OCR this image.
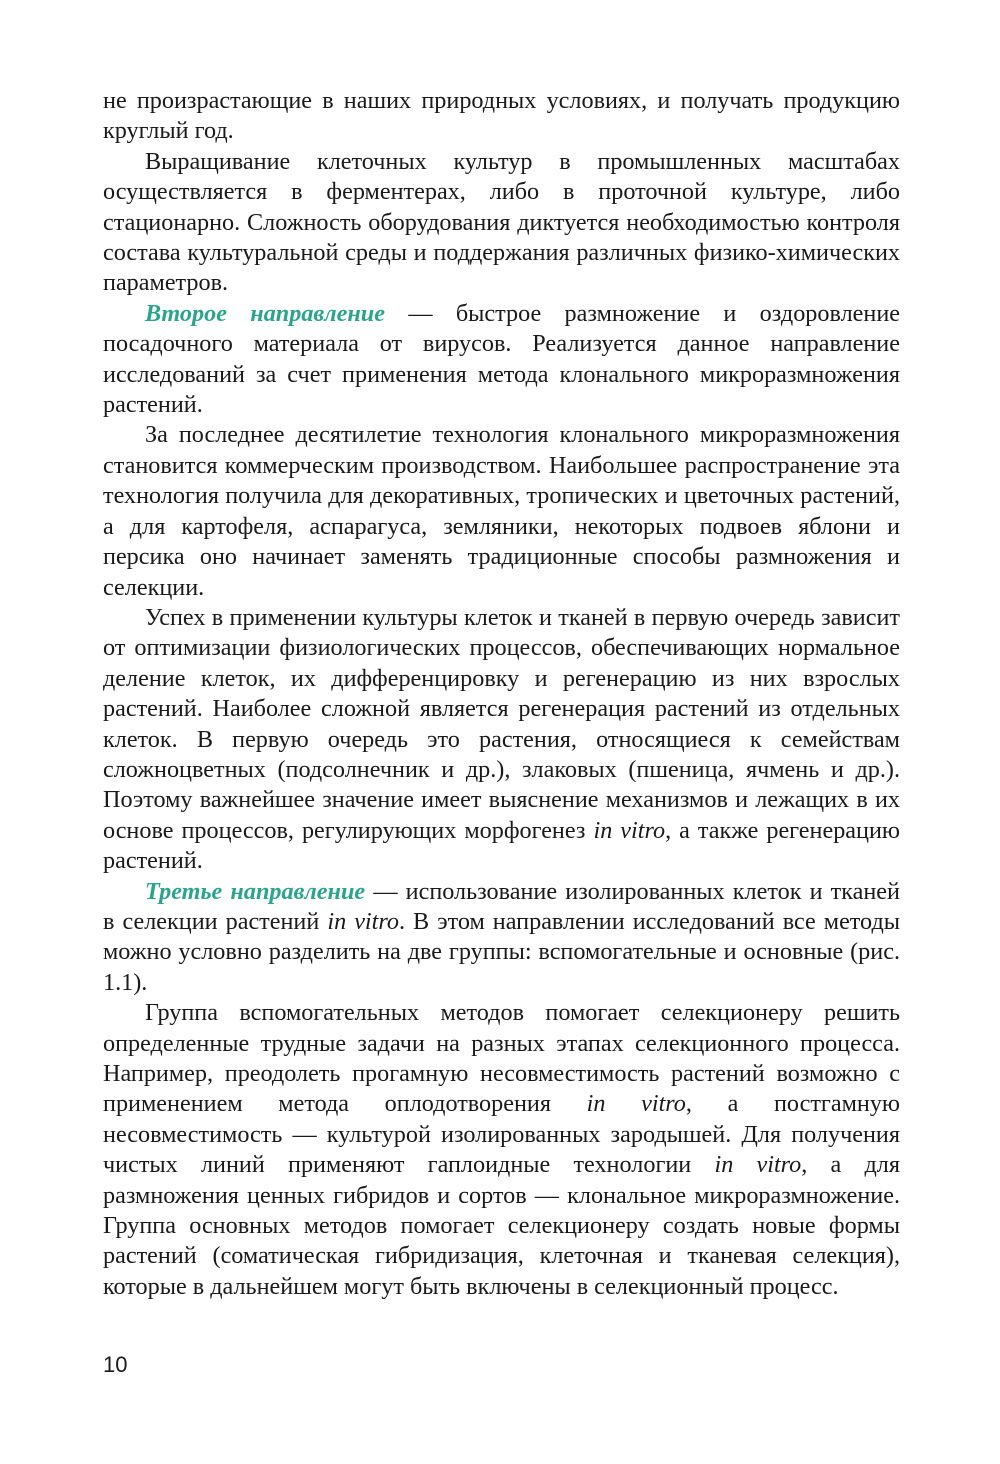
не произрастающие в наших природных условиях, и получать продукцию круглый год.

Выращивание клеточных культур в промышленных масштабах осуществляется в ферментерах, либо в проточной культуре, либо стационарно. Сложность оборудования диктуется необходимостью контроля состава культуральной среды и поддержания различных физико-химических параметров.

Второе направление — быстрое размножение и оздоровление посадочного материала от вирусов. Реализуется данное направление исследований за счет применения метода клонального микроразмножения растений.

За последнее десятилетие технология клонального микроразмножения становится коммерческим производством. Наибольшее распространение эта технология получила для декоративных, тропических и цветочных растений, а для картофеля, аспарагуса, земляники, некоторых подвоев яблони и персика оно начинает заменять традиционные способы размножения и селекции.

Успех в применении культуры клеток и тканей в первую очередь зависит от оптимизации физиологических процессов, обеспечивающих нормальное деление клеток, их дифференцировку и регенерацию из них взрослых растений. Наиболее сложной является регенерация растений из отдельных клеток. В первую очередь это растения, относящиеся к семействам сложноцветных (подсолнечник и др.), злаковых (пшеница, ячмень и др.). Поэтому важнейшее значение имеет выяснение механизмов и лежащих в их основе процессов, регулирующих морфогенез in vitro, а также регенерацию растений.

Третье направление — использование изолированных клеток и тканей в селекции растений in vitro. В этом направлении исследований все методы можно условно разделить на две группы: вспомогательные и основные (рис. 1.1).

Группа вспомогательных методов помогает селекционеру решить определенные трудные задачи на разных этапах селекционного процесса. Например, преодолеть прогамную несовместимость растений возможно с применением метода оплодотворения in vitro, а постгамную несовместимость — культурой изолированных зародышей. Для получения чистых линий применяют гаплоидные технологии in vitro, а для размножения ценных гибридов и сортов — клональное микроразмножение. Группа основных методов помогает селекционеру создать новые формы растений (соматическая гибридизация, клеточная и тканевая селекция), которые в дальнейшем могут быть включены в селекционный процесс.

10
